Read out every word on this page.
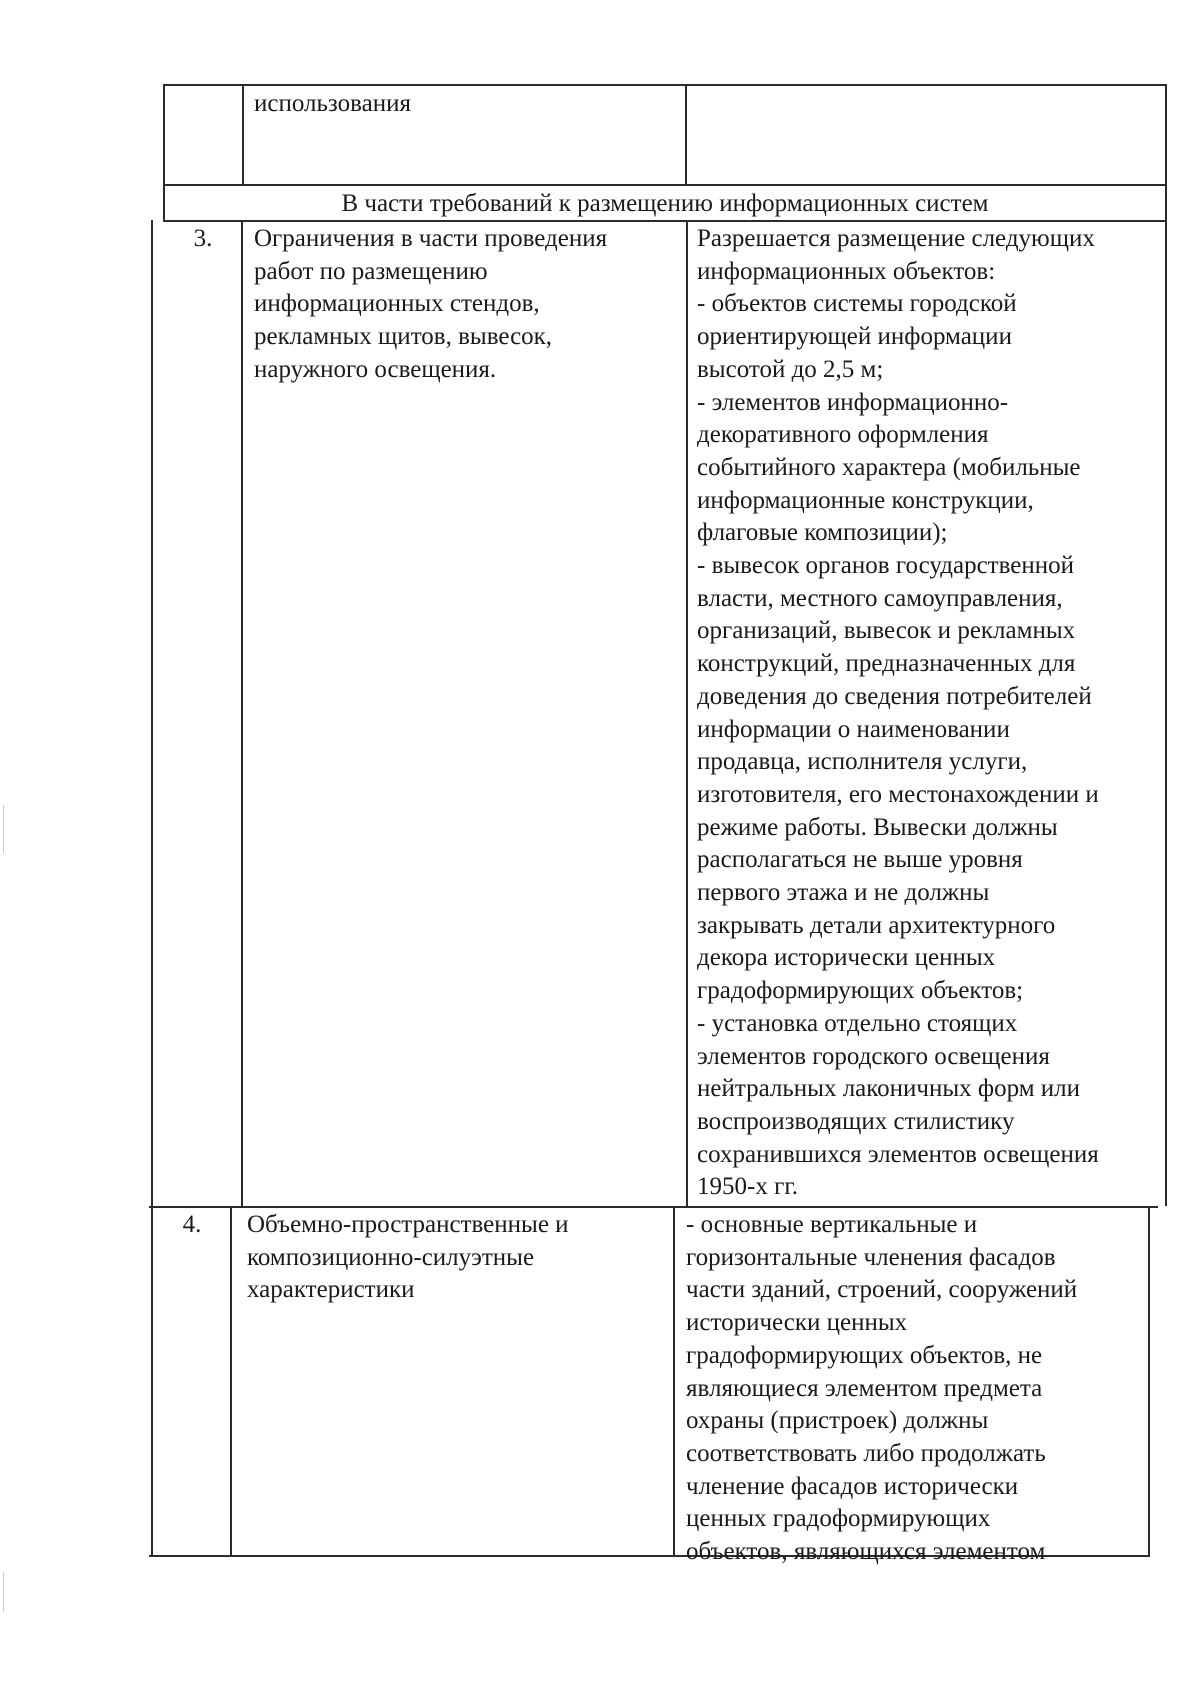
использования
В части требований к размещению информационных систем
3.	Ограничения в части проведения
работ по размещению
информационных стендов,
рекламных щитов, вывесок,
наружного освещения.
Разрешается размещение следующих
информационных объектов:
- объектов системы городской
ориентирующей информации
высотой до 2,5 м;
- элементов информационно-
декоративного оформления
событийного характера (мобильные
информационные конструкции,
флаговые композиции);
- вывесок органов государственной
власти, местного самоуправления,
организаций, вывесок и рекламных
конструкций, предназначенных для
доведения до сведения потребителей
информации о наименовании
продавца, исполнителя услуги,
изготовителя, его местонахождении и
режиме работы. Вывески должны
располагаться не выше уровня
первого этажа и не должны
закрывать детали архитектурного
декора исторически ценных
градоформирующих объектов;
- установка отдельно стоящих
элементов городского освещения
нейтральных лаконичных форм или
воспроизводящих стилистику
сохранившихся элементов освещения
1950-х гг.
4.	Объемно-пространственные и
композиционно-силуэтные
характеристики
- основные вертикальные и
горизонтальные членения фасадов
части зданий, строений, сооружений
исторически ценных
градоформирующих объектов, не
являющиеся элементом предмета
охраны (пристроек) должны
соответствовать либо продолжать
членение фасадов исторически
ценных градоформирующих
объектов, являющихся элементом
